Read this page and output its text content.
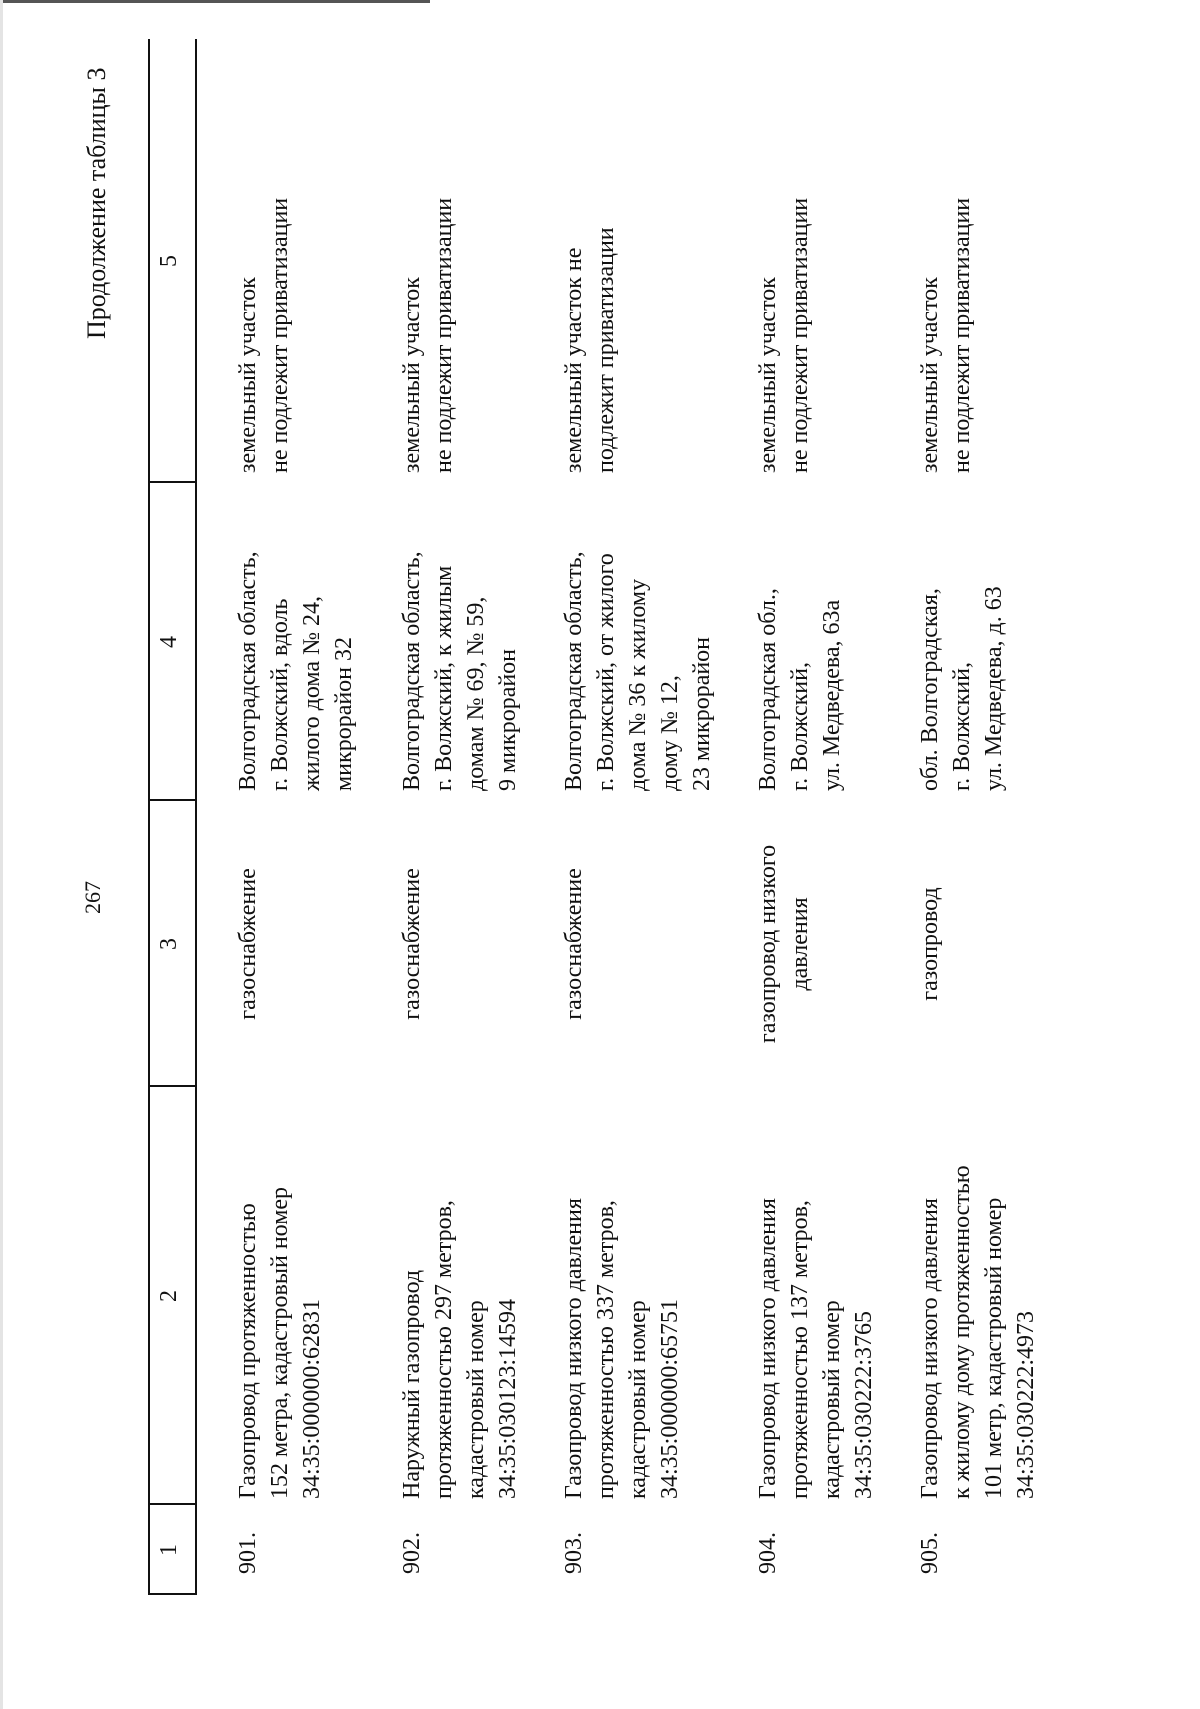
267
Продолжение таблицы 3
1
2
3
4
5
901.
Газопровод протяженностью
152 метра, кадастровый номер
34:35:000000:62831
газоснабжение
Волгоградская область,
г. Волжский, вдоль
жилого дома № 24,
микрорайон 32
земельный участок
не подлежит приватизации
902.
Наружный газопровод
протяженностью 297 метров,
кадастровый номер
34:35:030123:14594
газоснабжение
Волгоградская область,
г. Волжский, к жилым
домам № 69, № 59,
9 микрорайон
земельный участок
не подлежит приватизации
903.
Газопровод низкого давления
протяженностью 337 метров,
кадастровый номер
34:35:000000:65751
газоснабжение
Волгоградская область,
г. Волжский, от жилого
дома № 36 к жилому
дому № 12,
23 микрорайон
земельный участок не
подлежит приватизации
904.
Газопровод низкого давления
протяженностью 137 метров,
кадастровый номер
34:35:030222:3765
газопровод низкого
давления
Волгоградская обл.,
г. Волжский,
ул. Медведева, 63а
земельный участок
не подлежит приватизации
905.
Газопровод низкого давления
к жилому дому протяженностью
101 метр, кадастровый номер
34:35:030222:4973
газопровод
обл. Волгоградская,
г. Волжский,
ул. Медведева, д. 63
земельный участок
не подлежит приватизации
